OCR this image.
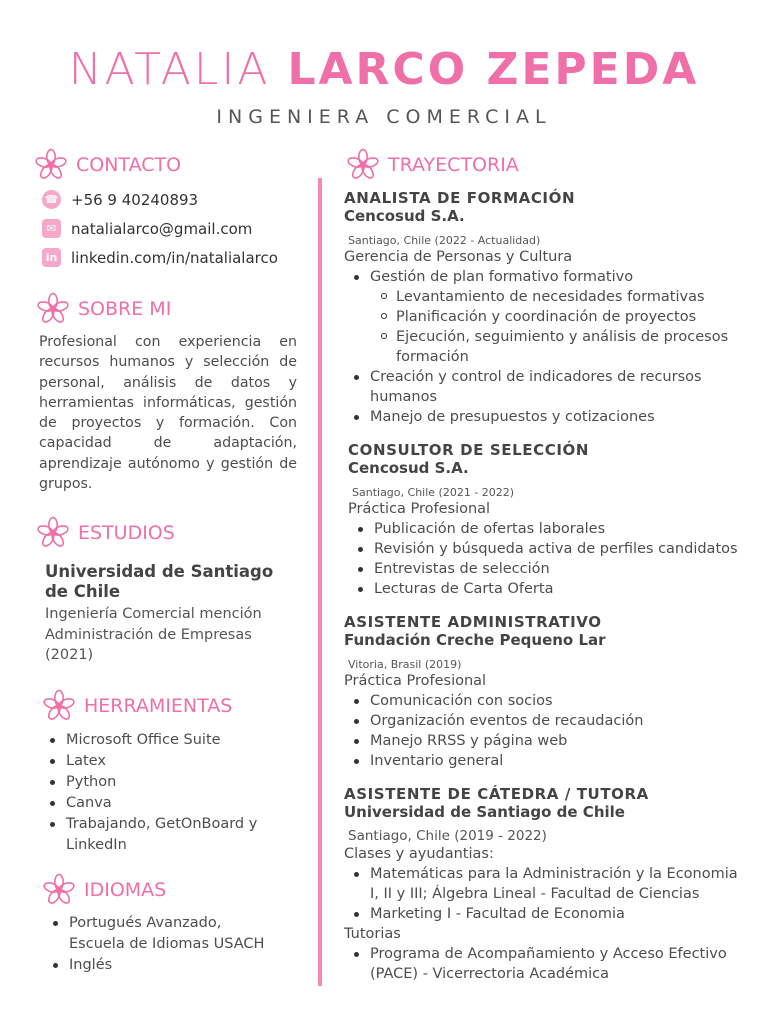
NATALIA LARCO ZEPEDA
INGENIERA COMERCIAL
CONTACTO
☎ +56 9 40240893
✉ natalialarco@gmail.com
in linkedin.com/in/natalialarco
SOBRE MI
Profesional con experiencia en recursos humanos y selección de personal, análisis de datos y herramientas informáticas, gestión de proyectos y formación. Con capacidad de adaptación, aprendizaje autónomo y gestión de grupos.
ESTUDIOS
Universidad de Santiago de Chile
Ingeniería Comercial mención Administración de Empresas (2021)
HERRAMIENTAS
Microsoft Office Suite
Latex
Python
Canva
Trabajando, GetOnBoard y LinkedIn
IDIOMAS
Portugués Avanzado, Escuela de Idiomas USACH
Inglés
TRAYECTORIA
ANALISTA DE FORMACIÓN
Cencosud S.A.
Santiago, Chile (2022 - Actualidad)
Gerencia de Personas y Cultura
Gestión de plan formativo formativo
Levantamiento de necesidades formativas
Planificación y coordinación de proyectos
Ejecución, seguimiento y análisis de procesos formación
Creación y control de indicadores de recursos humanos
Manejo de presupuestos y cotizaciones
CONSULTOR DE SELECCIÓN
Cencosud S.A.
Santiago, Chile (2021 - 2022)
Práctica Profesional
Publicación de ofertas laborales
Revisión y búsqueda activa de perfiles candidatos
Entrevistas de selección
Lecturas de Carta Oferta
ASISTENTE ADMINISTRATIVO
Fundación Creche Pequeno Lar
Vitoria, Brasil (2019)
Práctica Profesional
Comunicación con socios
Organización eventos de recaudación
Manejo RRSS y página web
Inventario general
ASISTENTE DE CÁTEDRA / TUTORA
Universidad de Santiago de Chile
Santiago, Chile (2019 - 2022)
Clases y ayudantias:
Matemáticas para la Administración y la Economia I, II y III; Álgebra Lineal - Facultad de Ciencias
Marketing I - Facultad de Economia
Tutorias
Programa de Acompañamiento y Acceso Efectivo (PACE) - Vicerrectoria Académica
